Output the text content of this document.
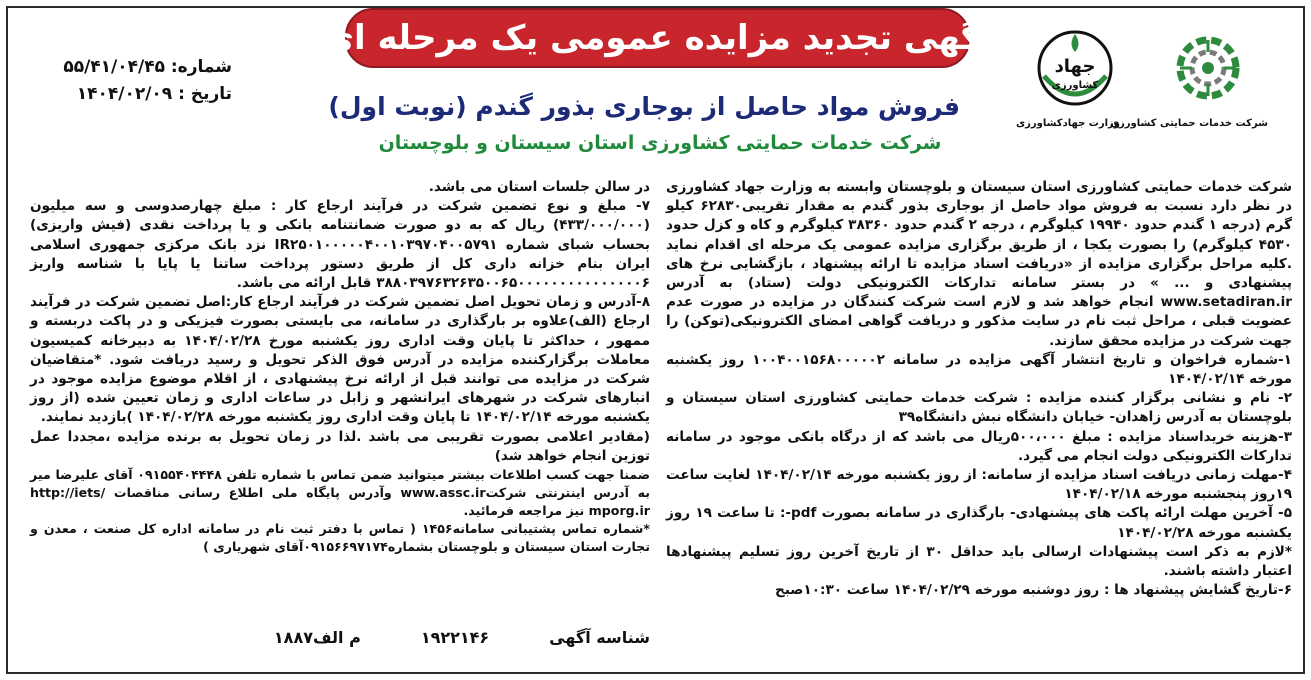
شرکت خدمات حمایتی کشاورزی
جهاد
کشاورزی
وزارت جهادکشاورزی
آگهی تجدید مزایده عمومی یک مرحله ای
فروش مواد حاصل از بوجاری بذور گندم (نوبت اول)
شرکت خدمات حمایتی کشاورزی استان سیستان و بلوچستان
شماره: ۵۵/۴۱/۰۴/۴۵
تاریخ : ۱۴۰۴/۰۲/۰۹

شرکت خدمات حمایتی کشاورزی استان سیستان و بلوچستان وابسته به وزارت جهاد کشاورزی در نظر دارد نسبت به فروش مواد حاصل از بوجاری بذور گندم به مقدار تقریبی۶۲۸۳۰ کیلو گرم (درجه ۱ گندم حدود ۱۹۹۴۰ کیلوگرم ، درجه ۲ گندم حدود ۳۸۳۶۰ کیلوگرم و کاه و کزل حدود ۴۵۳۰ کیلوگرم) را بصورت یکجا ، از طریق برگزاری مزایده عمومی یک مرحله ای اقدام نماید .کلیه مراحل برگزاری مزایده از «دریافت اسناد مزایده تا ارائه پیشنهاد ، بازگشایی نرخ های پیشنهادی و ... » در بستر سامانه تدارکات الکترونیکی دولت (ستاد) به آدرس www.setadiran.ir انجام خواهد شد و لازم است شرکت کنندگان در مزایده در صورت عدم عضویت قبلی ، مراحل ثبت نام در سایت مذکور و دریافت گواهی امضای الکترونیکی(توکن) را جهت شرکت در مزایده محقق سازند.

۱-شماره فراخوان و تاریخ انتشار آگهی مزایده در سامانه ۱۰۰۴۰۰۱۵۶۸۰۰۰۰۰۲ روز یکشنبه مورخه ۱۴۰۴/۰۲/۱۴

۲- نام و نشانی برگزار کننده مزایده : شرکت خدمات حمایتی کشاورزی استان سیستان و بلوچستان به آدرس زاهدان- خیابان دانشگاه نبش دانشگاه۳۹

۳-هزینه خریداسناد مزایده : مبلغ ۵۰۰،۰۰۰ریال می باشد که از درگاه بانکی موجود در سامانه تدارکات الکترونیکی دولت انجام می گیرد.

۴-مهلت زمانی دریافت اسناد مزایده از سامانه: از روز یکشنبه مورخه ۱۴۰۴/۰۲/۱۴ لغایت ساعت ۱۹روز پنجشنبه مورخه ۱۴۰۴/۰۲/۱۸

۵- آخرین مهلت ارائه پاکت های پیشنهادی- بارگذاری در سامانه بصورت pdf-: تا ساعت ۱۹ روز یکشنبه مورخه ۱۴۰۴/۰۲/۲۸

*لازم به ذکر است پیشنهادات ارسالی باید حداقل ۳۰ از تاریخ آخرین روز تسلیم پیشنهادها اعتبار داشته باشند.

۶-تاریخ گشایش پیشنهاد ها : روز دوشنبه مورخه ۱۴۰۴/۰۲/۲۹ ساعت ۱۰:۳۰صبح

در سالن جلسات استان می باشد.

۷- مبلغ و نوع تضمین شرکت در فرآیند ارجاع کار : مبلغ چهارصدوسی و سه میلیون (۴۳۳/۰۰۰/۰۰۰) ریال که به دو صورت ضمانتنامه بانکی و یا پرداخت نقدی (فیش واریزی) بحساب شبای شماره IR۲۵۰۱۰۰۰۰۰۴۰۰۱۰۳۹۷۰۴۰۰۵۷۹۱ نزد بانک مرکزی جمهوری اسلامی ایران بنام خزانه داری کل از طریق دستور پرداخت ساتنا یا پایا با شناسه واریز ۳۸۸۰۳۹۷۶۳۲۶۳۵۰۰۶۵۰۰۰۰۰۰۰۰۰۰۰۰۰۰۰۶ قابل ارائه می باشد.

۸-آدرس و زمان تحویل اصل تضمین شرکت در فرآیند ارجاع کار:اصل تضمین شرکت در فرآیند ارجاع (الف)علاوه بر بارگذاری در سامانه، می بایستی بصورت فیزیکی و در پاکت دربسته و ممهور ، حداکثر تا پایان وقت اداری روز یکشنبه مورخ ۱۴۰۴/۰۲/۲۸ به دبیرخانه کمیسیون معاملات برگزارکننده مزایده در آدرس فوق الذکر تحویل و رسید دریافت شود. *متقاضیان شرکت در مزایده می توانند قبل از ارائه نرخ پیشنهادی ، از اقلام موضوع مزایده موجود در انبارهای شرکت در شهرهای ایرانشهر و زابل در ساعات اداری و زمان تعیین شده (از روز یکشنبه مورخه ۱۴۰۴/۰۲/۱۴ تا پایان وقت اداری روز یکشنبه مورخه ۱۴۰۴/۰۲/۲۸ )بازدید نمایند.

(مقادیر اعلامی بصورت تقریبی می باشد .لذا در زمان تحویل به برنده مزایده ،مجددا عمل توزین انجام خواهد شد)

ضمنا جهت کسب اطلاعات بیشتر میتوانید ضمن تماس با شماره تلفن ۰۹۱۵۵۴۰۴۴۴۸ آقای علیرضا میر به آدرس اینترنتی شرکتwww.assc.ir وآدرس پایگاه ملی اطلاع رسانی مناقصات /http://iets mporg.ir نیز مراجعه فرمائید.

*شماره تماس پشتیبانی سامانه۱۴۵۶ ( تماس با دفتر ثبت نام در سامانه اداره کل صنعت ، معدن و تجارت استان سیستان و بلوچستان بشماره۰۹۱۵۶۶۹۷۱۷۴آقای شهریاری )

شناسه آگهی
۱۹۲۲۱۴۶
م الف۱۸۸۷
